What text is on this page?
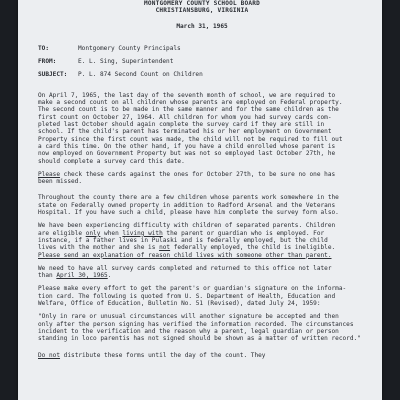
MONTGOMERY COUNTY SCHOOL BOARD
CHRISTIANSBURG, VIRGINIA
March 31, 1965
TO:	Montgomery County Principals
FROM:	E. L. Sing, Superintendent
SUBJECT:	P. L. 874 Second Count on Children
On April 7, 1965, the last day of the seventh month of school, we are required to
make a second count on all children whose parents are employed on Federal property.
The second count is to be made in the same manner and for the same children as the
first count on October 27, 1964. All children for whom you had survey cards com-
pleted last October should again complete the survey card if they are still in
school. If the child's parent has terminated his or her employment on Government
Property since the first count was made, the child will not be required to fill out
a card this time. On the other hand, if you have a child enrolled whose parent is
now employed on Government Property but was not so employed last October 27th, he
should complete a survey card this date.
Please check these cards against the ones for October 27th, to be sure no one has
been missed.
Throughout the county there are a few children whose parents work somewhere in the
state on Federally owned property in addition to Radford Arsenal and the Veterans
Hospital. If you have such a child, please have him complete the survey form also.
We have been experiencing difficulty with children of separated parents. Children
are eligible only when living with the parent or guardian who is employed. For
instance, if a father lives in Pulaski and is federally employed, but the child
lives with the mother and she is not federally employed, the child is ineligible.
Please send an explanation of reason child lives with someone other than parent.
We need to have all survey cards completed and returned to this office not later
than April 30, 1965.
Please make every effort to get the parent's or guardian's signature on the informa-
tion card. The following is quoted from U. S. Department of Health, Education and
Welfare, Office of Education, Bulletin No. 51 (Revised), dated July 24, 1959:
"Only in rare or unusual circumstances will another signature be accepted and then
only after the person signing has verified the information recorded. The circumstances
incident to the verification and the reason why a parent, legal guardian or person
standing in loco parentis has not signed should be shown as a matter of written record."
Do not distribute these forms until the day of the count. They
